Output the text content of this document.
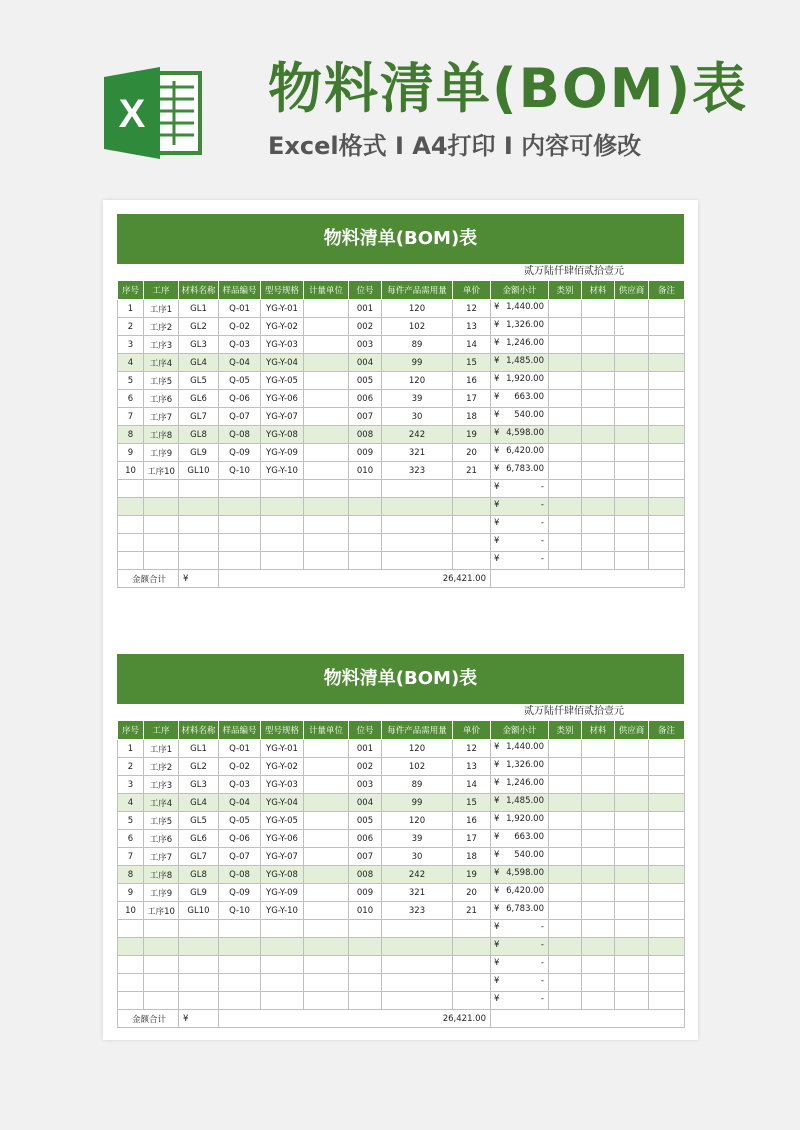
X 物料清单(BOM)表
Excel格式 I A4打印 I 内容可修改
物料清单(BOM)表
贰万陆仟肆佰贰拾壹元
序号	工序	材料名称	样品编号	型号规格	计量单位	位号	每件产品需用量	单价	金额小计	类别	材料	供应商	备注
1	工序1	GL1	Q-01	YG-Y-01		001	120	12	¥ 1,440.00				

2	工序2	GL2	Q-02	YG-Y-02		002	102	13	¥ 1,326.00				

3	工序3	GL3	Q-03	YG-Y-03		003	89	14	¥ 1,246.00				

4	工序4	GL4	Q-04	YG-Y-04		004	99	15	¥ 1,485.00				

5	工序5	GL5	Q-05	YG-Y-05		005	120	16	¥ 1,920.00				

6	工序6	GL6	Q-06	YG-Y-06		006	39	17	¥ 663.00				

7	工序7	GL7	Q-07	YG-Y-07		007	30	18	¥ 540.00				

8	工序8	GL8	Q-08	YG-Y-08		008	242	19	¥ 4,598.00				

9	工序9	GL9	Q-09	YG-Y-09		009	321	20	¥ 6,420.00				

10	工序10	GL10	Q-10	YG-Y-10		010	323	21	¥ 6,783.00				

									¥ -				

									¥ -				

									¥ -				

									¥ -				

									¥ -				

金额合计		¥	26,421.00										
物料清单(BOM)表
贰万陆仟肆佰贰拾壹元
序号	工序	材料名称	样品编号	型号规格	计量单位	位号	每件产品需用量	单价	金额小计	类别	材料	供应商	备注
1	工序1	GL1	Q-01	YG-Y-01		001	120	12	¥ 1,440.00				

2	工序2	GL2	Q-02	YG-Y-02		002	102	13	¥ 1,326.00				

3	工序3	GL3	Q-03	YG-Y-03		003	89	14	¥ 1,246.00				

4	工序4	GL4	Q-04	YG-Y-04		004	99	15	¥ 1,485.00				

5	工序5	GL5	Q-05	YG-Y-05		005	120	16	¥ 1,920.00				

6	工序6	GL6	Q-06	YG-Y-06		006	39	17	¥ 663.00				

7	工序7	GL7	Q-07	YG-Y-07		007	30	18	¥ 540.00				

8	工序8	GL8	Q-08	YG-Y-08		008	242	19	¥ 4,598.00				

9	工序9	GL9	Q-09	YG-Y-09		009	321	20	¥ 6,420.00				

10	工序10	GL10	Q-10	YG-Y-10		010	323	21	¥ 6,783.00				

									¥ -				

									¥ -				

									¥ -				

									¥ -				

									¥ -				

金额合计		¥	26,421.00										
